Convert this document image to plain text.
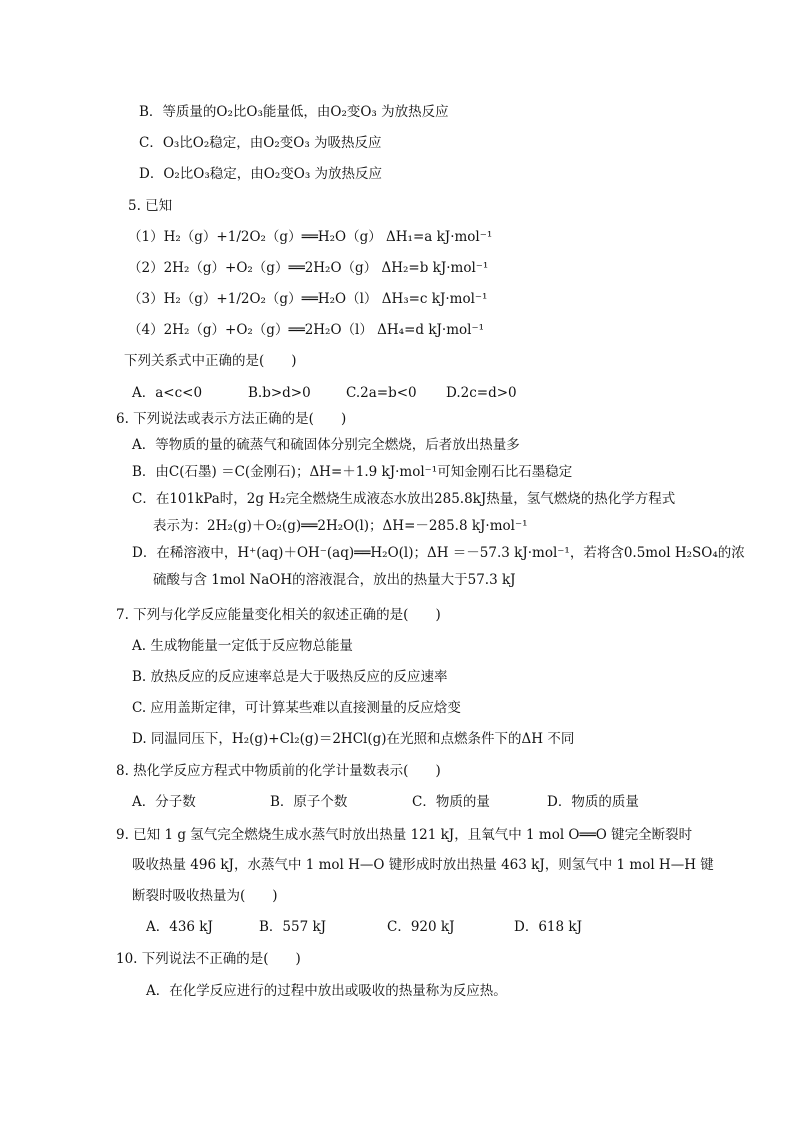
B．等质量的O₂比O₃能量低，由O₂变O₃ 为放热反应
C．O₃比O₂稳定，由O₂变O₃ 为吸热反应
D．O₂比O₃稳定，由O₂变O₃ 为放热反应
5. 已知
（1）H₂（g）+1/2O₂（g）══H₂O（g） ΔH₁=a kJ·mol⁻¹
（2）2H₂（g）+O₂（g）══2H₂O（g） ΔH₂=b kJ·mol⁻¹
（3）H₂（g）+1/2O₂（g）══H₂O（l） ΔH₃=c kJ·mol⁻¹
（4）2H₂（g）+O₂（g）══2H₂O（l） ΔH₄=d kJ·mol⁻¹
下列关系式中正确的是(　　)
A．a<c<0	B.b>d>0	C.2a=b<0 D.2c=d>0
6. 下列说法或表示方法正确的是(　　)
A．等物质的量的硫蒸气和硫固体分别完全燃烧，后者放出热量多
B．由C(石墨) ＝C(金刚石)；ΔH=＋1.9 kJ·mol⁻¹可知金刚石比石墨稳定
C．在101kPa时，2g H₂完全燃烧生成液态水放出285.8kJ热量，氢气燃烧的热化学方程式
表示为：2H₂(g)＋O₂(g)══2H₂O(l)；ΔH=－285.8 kJ·mol⁻¹
D．在稀溶液中，H⁺(aq)＋OH⁻(aq)══H₂O(l)；ΔH ＝－57.3 kJ·mol⁻¹，若将含0.5mol H₂SO₄的浓
硫酸与含 1mol NaOH的溶液混合，放出的热量大于57.3 kJ
7. 下列与化学反应能量变化相关的叙述正确的是(　　)
A. 生成物能量一定低于反应物总能量
B. 放热反应的反应速率总是大于吸热反应的反应速率
C. 应用盖斯定律，可计算某些难以直接测量的反应焓变
D. 同温同压下，H₂(g)+Cl₂(g)＝2HCl(g)在光照和点燃条件下的ΔH 不同
8. 热化学反应方程式中物质前的化学计量数表示(　　)
A．分子数	B．原子个数	C．物质的量	D．物质的质量
9. 已知 1 g 氢气完全燃烧生成水蒸气时放出热量 121 kJ，且氧气中 1 mol O══O 键完全断裂时
吸收热量 496 kJ，水蒸气中 1 mol H—O 键形成时放出热量 463 kJ，则氢气中 1 mol H—H 键
断裂时吸收热量为(　　)
A．436 kJ	B．557 kJ	C．920 kJ	D．618 kJ
10. 下列说法不正确的是(　　)
A．在化学反应进行的过程中放出或吸收的热量称为反应热。
